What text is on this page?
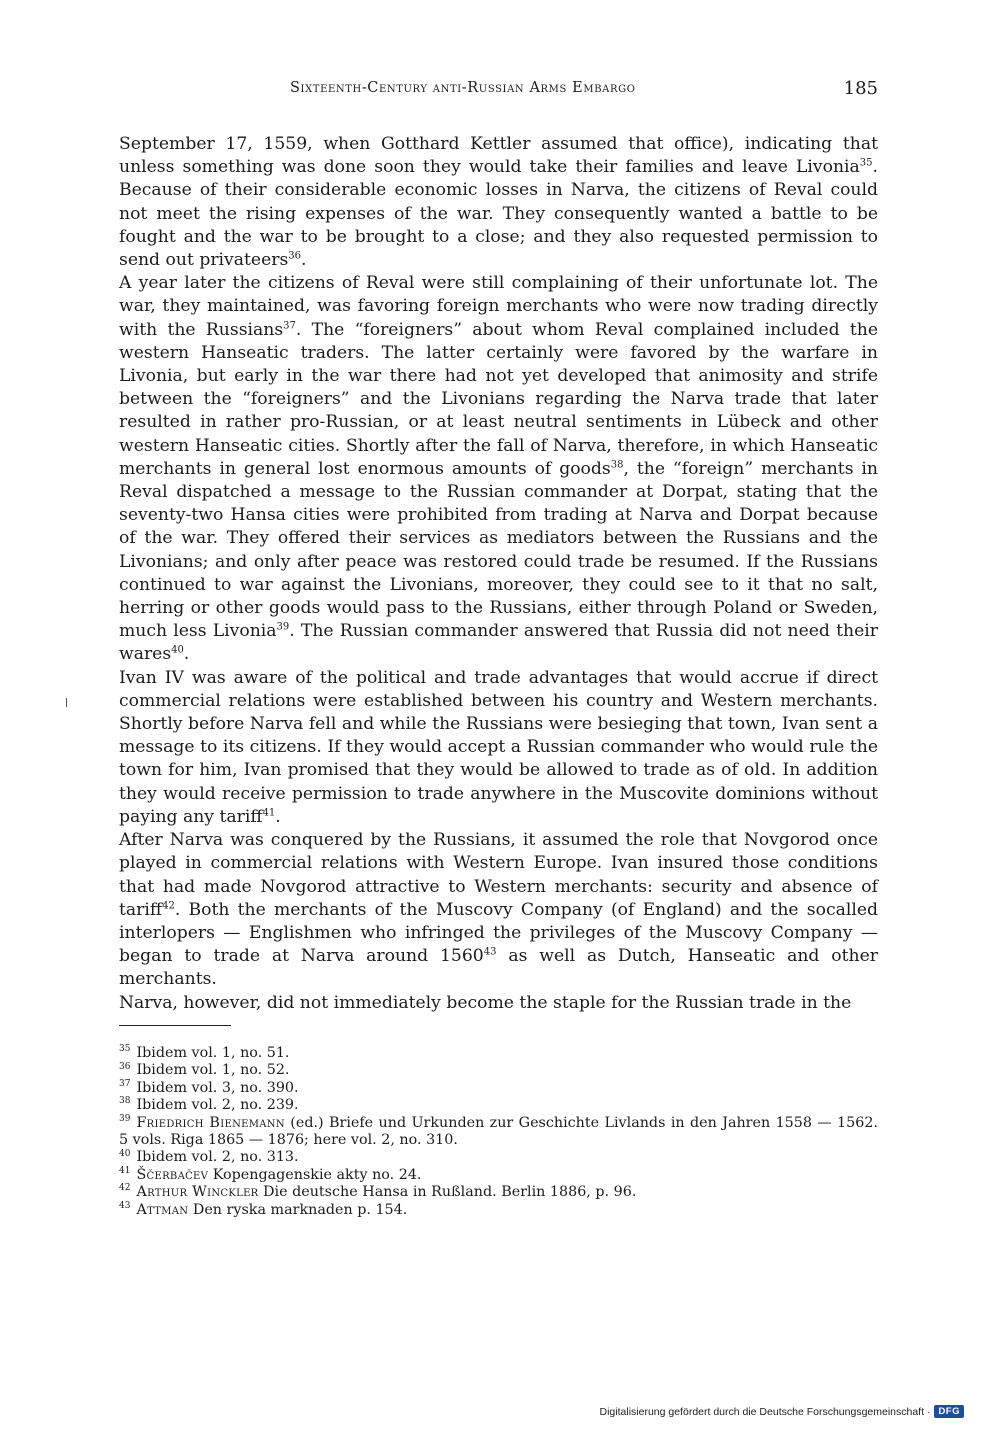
Sixteenth-Century anti-Russian Arms Embargo	185

September 17, 1559, when Gotthard Kettler assumed that office), indicating that unless something was done soon they would take their families and leave Livonia$^{35}$. Because of their considerable economic losses in Narva, the citizens of Reval could not meet the rising expenses of the war. They consequently wanted a battle to be fought and the war to be brought to a close; and they also requested permission to send out privateers$^{36}$.

A year later the citizens of Reval were still complaining of their unfortunate lot. The war, they maintained, was favoring foreign merchants who were now trading directly with the Russians$^{37}$. The “foreigners” about whom Reval complained included the western Hanseatic traders. The latter certainly were favored by the warfare in Livonia, but early in the war there had not yet developed that animosity and strife between the “foreigners” and the Livonians regarding the Narva trade that later resulted in rather pro-Russian, or at least neutral sentiments in Lübeck and other western Hanseatic cities. Shortly after the fall of Narva, therefore, in which Hanseatic merchants in general lost enormous amounts of goods$^{38}$, the “foreign” merchants in Reval dispatched a message to the Russian commander at Dorpat, stating that the seventy-two Hansa cities were prohibited from trading at Narva and Dorpat because of the war. They offered their services as mediators between the Russians and the Livonians; and only after peace was restored could trade be resumed. If the Russians continued to war against the Livonians, moreover, they could see to it that no salt, herring or other goods would pass to the Russians, either through Poland or Sweden, much less Livonia$^{39}$. The Russian commander answered that Russia did not need their wares$^{40}$.

Ivan IV was aware of the political and trade advantages that would accrue if direct commercial relations were established between his country and Western merchants. Shortly before Narva fell and while the Russians were besieging that town, Ivan sent a message to its citizens. If they would accept a Russian commander who would rule the town for him, Ivan promised that they would be allowed to trade as of old. In addition they would receive permission to trade anywhere in the Muscovite dominions without paying any tariff$^{41}$.

After Narva was conquered by the Russians, it assumed the role that Novgorod once played in commercial relations with Western Europe. Ivan insured those conditions that had made Novgorod attractive to Western merchants: security and absence of tariff$^{42}$. Both the merchants of the Muscovy Company (of England) and the socalled interlopers — Englishmen who infringed the privileges of the Muscovy Company — began to trade at Narva around 1560$^{43}$ as well as Dutch, Hanseatic and other merchants.

Narva, however, did not immediately become the staple for the Russian trade in the

$^{35}$ Ibidem vol. 1, no. 51.

$^{36}$ Ibidem vol. 1, no. 52.

$^{37}$ Ibidem vol. 3, no. 390.

$^{38}$ Ibidem vol. 2, no. 239.

$^{39}$ Friedrich Bienemann (ed.) Briefe und Urkunden zur Geschichte Livlands in den Jahren 1558 — 1562. 5 vols. Riga 1865 — 1876; here vol. 2, no. 310.

$^{40}$ Ibidem vol. 2, no. 313.

$^{41}$ Ščerbačev Kopengagenskie akty no. 24.

$^{42}$ Arthur Winckler Die deutsche Hansa in Rußland. Berlin 1886, p. 96.

$^{43}$ Attman Den ryska marknaden p. 154.

Digitalisierung gefördert durch die Deutsche Forschungsgemeinschaft · DFG
